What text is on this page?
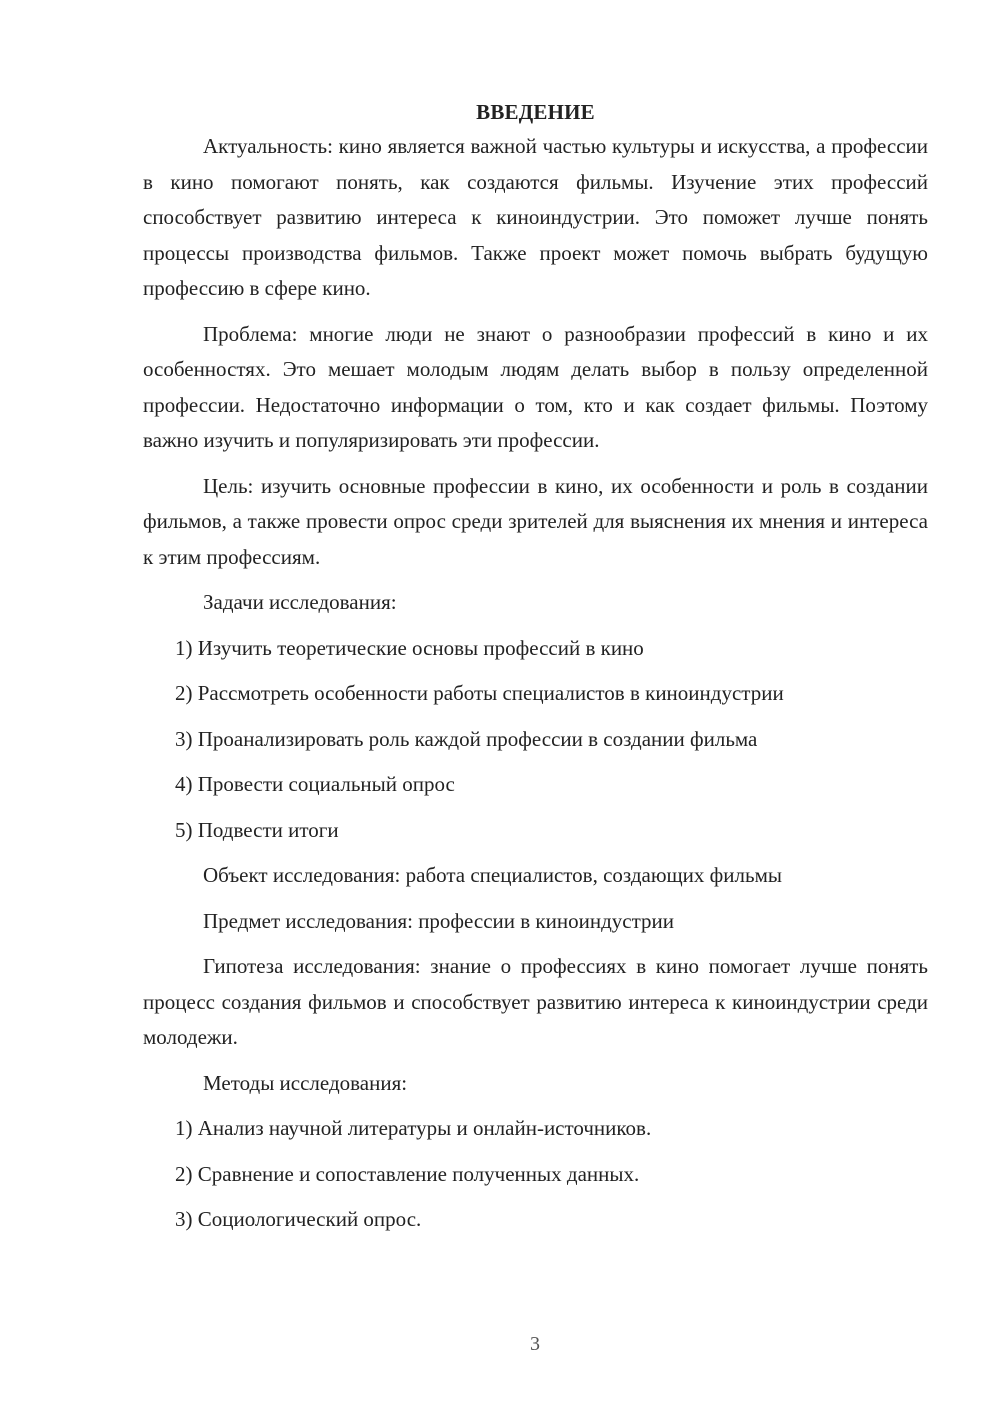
ВВЕДЕНИЕ

Актуальность: кино является важной частью культуры и искусства, а профессии в кино помогают понять, как создаются фильмы. Изучение этих профессий способствует развитию интереса к киноиндустрии. Это поможет лучше понять процессы производства фильмов. Также проект может помочь выбрать будущую профессию в сфере кино.

Проблема: многие люди не знают о разнообразии профессий в кино и их особенностях. Это мешает молодым людям делать выбор в пользу определенной профессии. Недостаточно информации о том, кто и как создает фильмы. Поэтому важно изучить и популяризировать эти профессии.

Цель: изучить основные профессии в кино, их особенности и роль в создании фильмов, а также провести опрос среди зрителей для выяснения их мнения и интереса к этим профессиям.

Задачи исследования:

1) Изучить теоретические основы профессий в кино
2) Рассмотреть особенности работы специалистов в киноиндустрии
3) Проанализировать роль каждой профессии в создании фильма
4) Провести социальный опрос
5) Подвести итоги

Объект исследования: работа специалистов, создающих фильмы

Предмет исследования: профессии в киноиндустрии

Гипотеза исследования: знание о профессиях в кино помогает лучше понять процесс создания фильмов и способствует развитию интереса к киноиндустрии среди молодежи.

Методы исследования:

1) Анализ научной литературы и онлайн-источников.
2) Сравнение и сопоставление полученных данных.
3) Социологический опрос.
3
